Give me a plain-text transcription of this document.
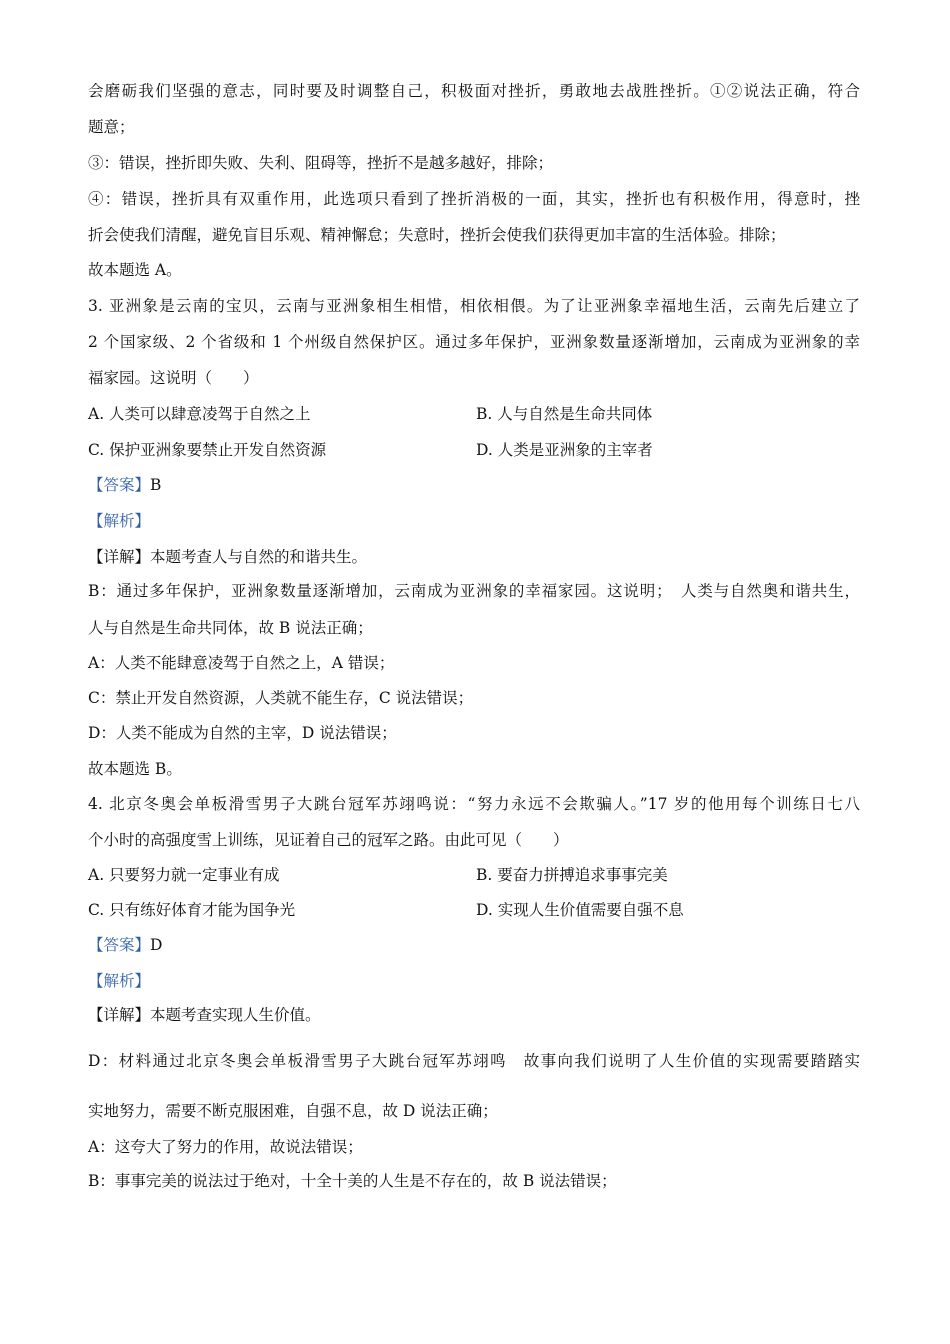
会磨砺我们坚强的意志，同时要及时调整自己，积极面对挫折，勇敢地去战胜挫折。①②说法正确，符合
题意；
③：错误，挫折即失败、失利、阻碍等，挫折不是越多越好，排除；
④：错误，挫折具有双重作用，此选项只看到了挫折消极的一面，其实，挫折也有积极作用，得意时，挫
折会使我们清醒，避免盲目乐观、精神懈怠；失意时，挫折会使我们获得更加丰富的生活体验。排除；
故本题选 A。
3. 亚洲象是云南的宝贝，云南与亚洲象相生相惜，相依相偎。为了让亚洲象幸福地生活，云南先后建立了
2 个国家级、2 个省级和 1 个州级自然保护区。通过多年保护，亚洲象数量逐渐增加，云南成为亚洲象的幸
福家园。这说明（　　）
A. 人类可以肆意凌驾于自然之上	B. 人与自然是生命共同体
C. 保护亚洲象要禁止开发自然资源	D. 人类是亚洲象的主宰者
【答案】B
【解析】
【详解】本题考查人与自然的和谐共生。
B：通过多年保护，亚洲象数量逐渐增加，云南成为亚洲象的幸福家园。这说明；　人类与自然奥和谐共生，
人与自然是生命共同体，故 B 说法正确；
A：人类不能肆意凌驾于自然之上，A 错误；
C：禁止开发自然资源，人类就不能生存，C 说法错误；
D：人类不能成为自然的主宰，D 说法错误；
故本题选 B。
4. 北京冬奥会单板滑雪男子大跳台冠军苏翊鸣说：“努力永远不会欺骗人。”17 岁的他用每个训练日七八
个小时的高强度雪上训练，见证着自己的冠军之路。由此可见（　　）
A. 只要努力就一定事业有成	B. 要奋力拼搏追求事事完美
C. 只有练好体育才能为国争光	D. 实现人生价值需要自强不息
【答案】D
【解析】
【详解】本题考查实现人生价值。
D：材料通过北京冬奥会单板滑雪男子大跳台冠军苏翊鸣　故事向我们说明了人生价值的实现需要踏踏实
实地努力，需要不断克服困难，自强不息，故 D 说法正确；
A：这夸大了努力的作用，故说法错误；
B：事事完美的说法过于绝对，十全十美的人生是不存在的，故 B 说法错误；
